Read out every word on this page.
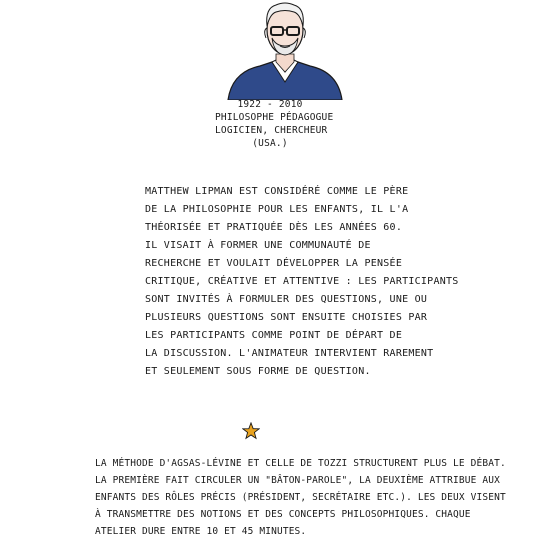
1922 - 2010
PHILOSOPHE PÉDAGOGUE
LOGICIEN, CHERCHEUR
(USA.)
MATTHEW LIPMAN EST CONSIDÉRÉ COMME LE PÈRE
DE LA PHILOSOPHIE POUR LES ENFANTS, IL L'A
THÉORISÉE ET PRATIQUÉE DÈS LES ANNÉES 60.
IL VISAIT À FORMER UNE COMMUNAUTÉ DE
RECHERCHE ET VOULAIT DÉVELOPPER LA PENSÉE
CRITIQUE, CRÉATIVE ET ATTENTIVE : LES PARTICIPANTS
SONT INVITÉS À FORMULER DES QUESTIONS, UNE OU
PLUSIEURS QUESTIONS SONT ENSUITE CHOISIES PAR
LES PARTICIPANTS COMME POINT DE DÉPART DE
LA DISCUSSION. L'ANIMATEUR INTERVIENT RAREMENT
ET SEULEMENT SOUS FORME DE QUESTION.
LA MÉTHODE D'AGSAS-LÉVINE ET CELLE DE TOZZI STRUCTURENT PLUS LE DÉBAT.
LA PREMIÈRE FAIT CIRCULER UN "BÂTON-PAROLE", LA DEUXIÈME ATTRIBUE AUX
ENFANTS DES RÔLES PRÉCIS (PRÉSIDENT, SECRÉTAIRE ETC.). LES DEUX VISENT
À TRANSMETTRE DES NOTIONS ET DES CONCEPTS PHILOSOPHIQUES. CHAQUE
ATELIER DURE ENTRE 10 ET 45 MINUTES.
